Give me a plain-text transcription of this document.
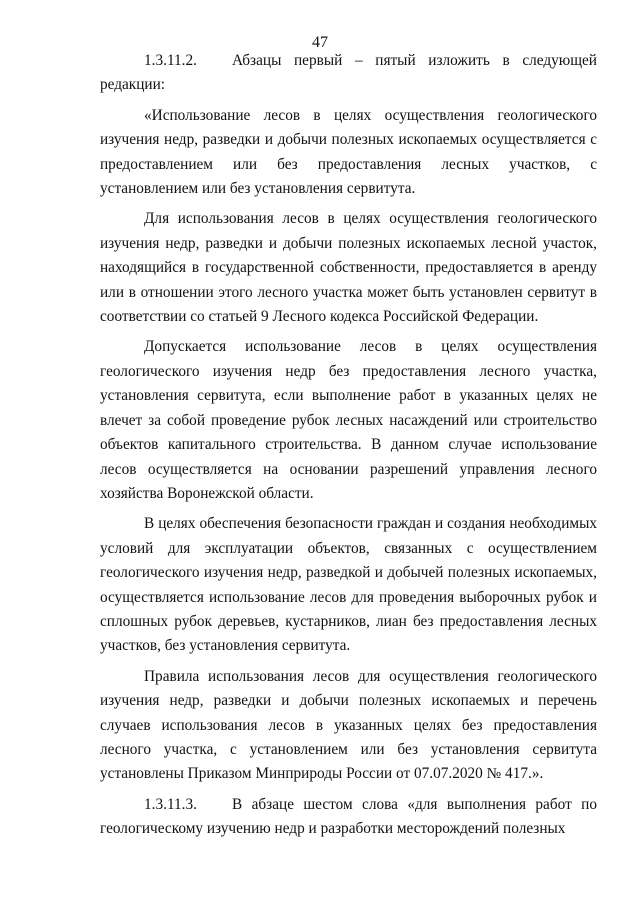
47

1.3.11.2. Абзацы первый – пятый изложить в следующей редакции:

«Использование лесов в целях осуществления геологического изучения недр, разведки и добычи полезных ископаемых осуществляется с предоставлением или без предоставления лесных участков, с установлением или без установления сервитута.

Для использования лесов в целях осуществления геологического изучения недр, разведки и добычи полезных ископаемых лесной участок, находящийся в государственной собственности, предоставляется в аренду или в отношении этого лесного участка может быть установлен сервитут в соответствии со статьей 9 Лесного кодекса Российской Федерации.

Допускается использование лесов в целях осуществления геологического изучения недр без предоставления лесного участка, установления сервитута, если выполнение работ в указанных целях не влечет за собой проведение рубок лесных насаждений или строительство объектов капитального строительства. В данном случае использование лесов осуществляется на основании разрешений управления лесного хозяйства Воронежской области.

В целях обеспечения безопасности граждан и создания необходимых условий для эксплуатации объектов, связанных с осуществлением геологического изучения недр, разведкой и добычей полезных ископаемых, осуществляется использование лесов для проведения выборочных рубок и сплошных рубок деревьев, кустарников, лиан без предоставления лесных участков, без установления сервитута.

Правила использования лесов для осуществления геологического изучения недр, разведки и добычи полезных ископаемых и перечень случаев использования лесов в указанных целях без предоставления лесного участка, с установлением или без установления сервитута установлены Приказом Минприроды России от 07.07.2020 № 417.».

1.3.11.3. В абзаце шестом слова «для выполнения работ по геологическому изучению недр и разработки месторождений полезных
